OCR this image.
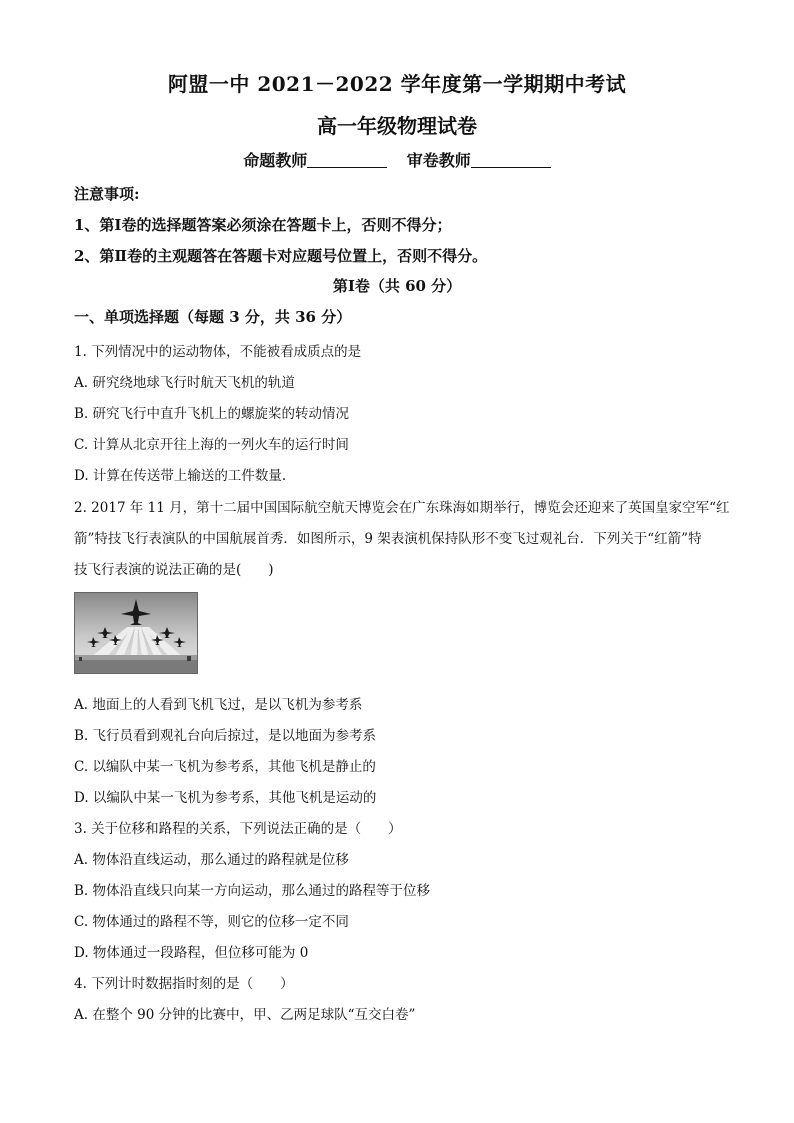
阿盟一中 2021－2022 学年度第一学期期中考试
高一年级物理试卷
命题教师	审卷教师
注意事项:
1、第Ⅰ卷的选择题答案必须涂在答题卡上，否则不得分；
2、第Ⅱ卷的主观题答在答题卡对应题号位置上，否则不得分。
第Ⅰ卷（共 60 分）
一、单项选择题（每题 3 分，共 36 分）
1. 下列情况中的运动物体，不能被看成质点的是
A. 研究绕地球飞行时航天飞机的轨道
B. 研究飞行中直升飞机上的螺旋桨的转动情况
C. 计算从北京开往上海的一列火车的运行时间
D. 计算在传送带上输送的工件数量.
2. 2017 年 11 月，第十二届中国国际航空航天博览会在广东珠海如期举行，博览会还迎来了英国皇家空军“红
箭”特技飞行表演队的中国航展首秀．如图所示，9 架表演机保持队形不变飞过观礼台．下列关于“红箭”特
技飞行表演的说法正确的是(　　)
A. 地面上的人看到飞机飞过，是以飞机为参考系
B. 飞行员看到观礼台向后掠过，是以地面为参考系
C. 以编队中某一飞机为参考系，其他飞机是静止的
D. 以编队中某一飞机为参考系，其他飞机是运动的
3. 关于位移和路程的关系，下列说法正确的是（　　）
A. 物体沿直线运动，那么通过的路程就是位移
B. 物体沿直线只向某一方向运动，那么通过的路程等于位移
C. 物体通过的路程不等，则它的位移一定不同
D. 物体通过一段路程，但位移可能为 0
4. 下列计时数据指时刻的是（　　）
A. 在整个 90 分钟的比赛中，甲、乙两足球队“互交白卷”
